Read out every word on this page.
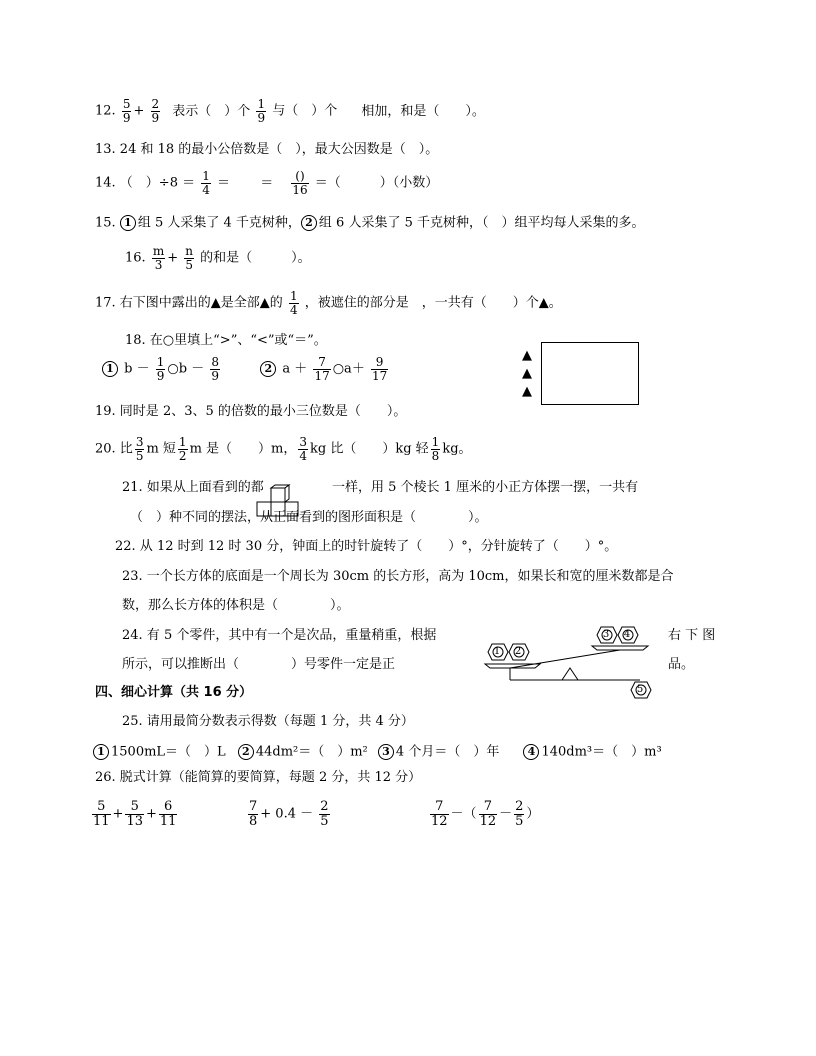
12. $\frac{5}{9} + \frac{2}{9}$ 表示（　）个 $\frac{1}{9}$ 与（　）个 相加，和是（　　）。
13. 24 和 18 的最小公倍数是（　），最大公因数是（　）。
14. （　）$\div 8 = \frac{1}{4}$ ＝ ＝ $\frac{()}{16}$ ＝（　　　）（小数）
15. 1 组 5 人采集了 4 千克树种， 2 组 6 人采集了 5 千克树种，（　）组平均每人采集的多。
16. $\frac{m}{3} + \frac{n}{5}$ 的和是（　　　）。
17. 右下图中露出的▲是全部▲的 $\frac{1}{4}$ ，被遮住的部分是　，一共有（　　）个▲。
18. 在○里填上“>”、“<”或“＝”。
1 $b - \frac{1}{9}$ ○b － $\frac{8}{9}$	2 $a + \frac{7}{17}$ ○a＋ $\frac{9}{17}$
▲
▲
▲
19. 同时是 2、3、5 的倍数的最小三位数是（　　）。
20. 比 $\frac{3}{5}$ m 短 $\frac{1}{2}$ m 是（　　）m， $\frac{3}{4}$ kg 比（　　）kg 轻 $\frac{1}{8}$ kg。
21. 如果从上面看到的都	一样，用 5 个棱长 1 厘米的小正方体摆一摆，一共有
（　）种不同的摆法，从正面看到的图形面积是（　　　　）。
22. 从 12 时到 12 时 30 分，钟面上的时针旋转了（　　）°，分针旋转了（　　）°。
23. 一个长方体的底面是一个周长为 30cm 的长方形，高为 10cm，如果长和宽的厘米数都是合
数，那么长方体的体积是（　　　　）。
24. 有 5 个零件，其中有一个是次品，重量稍重，根据	右 下 图
所示，可以推断出（　　　　）号零件一定是正	品。
1	2
3	4
5
四、细心计算（共 16 分）
25. 请用最简分数表示得数（每题 1 分，共 4 分）
1 1500mL＝（　）L 2 44dm²＝（　）m² 3 4 个月＝（　）年	4 140dm³＝（　）m³
26. 脱式计算（能简算的要简算，每题 2 分，共 12 分）
$\frac{5}{11} + \frac{5}{13} + \frac{6}{11}$	$\frac{7}{8} + 0.4 - \frac{2}{5}$	$\frac{7}{12}$ －（ $\frac{7}{12} - \frac{2}{5}$ ）
